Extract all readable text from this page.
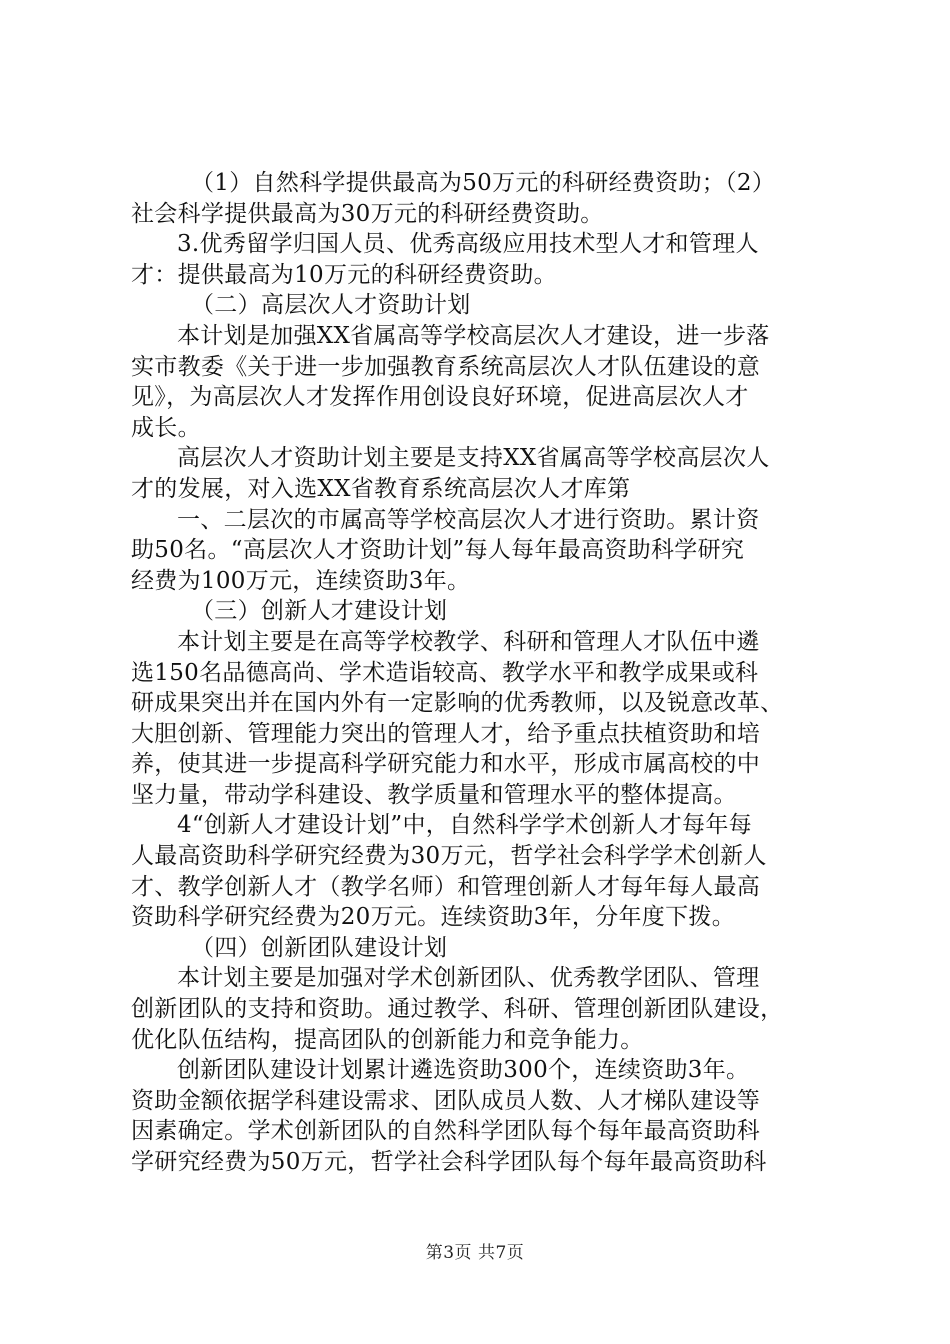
（1）自然科学提供最高为50万元的科研经费资助；（2）
社会科学提供最高为30万元的科研经费资助。
3.优秀留学归国人员、优秀高级应用技术型人才和管理人
才：提供最高为10万元的科研经费资助。
（二）高层次人才资助计划
本计划是加强XX省属高等学校高层次人才建设，进一步落
实市教委《关于进一步加强教育系统高层次人才队伍建设的意
见》，为高层次人才发挥作用创设良好环境，促进高层次人才
成长。
高层次人才资助计划主要是支持XX省属高等学校高层次人
才的发展，对入选XX省教育系统高层次人才库第
一、二层次的市属高等学校高层次人才进行资助。累计资
助50名。“高层次人才资助计划”每人每年最高资助科学研究
经费为100万元，连续资助3年。
（三）创新人才建设计划
本计划主要是在高等学校教学、科研和管理人才队伍中遴
选150名品德高尚、学术造诣较高、教学水平和教学成果或科
研成果突出并在国内外有一定影响的优秀教师，以及锐意改革、
大胆创新、管理能力突出的管理人才，给予重点扶植资助和培
养，使其进一步提高科学研究能力和水平，形成市属高校的中
坚力量，带动学科建设、教学质量和管理水平的整体提高。
4“创新人才建设计划”中，自然科学学术创新人才每年每
人最高资助科学研究经费为30万元，哲学社会科学学术创新人
才、教学创新人才（教学名师）和管理创新人才每年每人最高
资助科学研究经费为20万元。连续资助3年，分年度下拨。
（四）创新团队建设计划
本计划主要是加强对学术创新团队、优秀教学团队、管理
创新团队的支持和资助。通过教学、科研、管理创新团队建设，
优化队伍结构，提高团队的创新能力和竞争能力。
创新团队建设计划累计遴选资助300个，连续资助3年。
资助金额依据学科建设需求、团队成员人数、人才梯队建设等
因素确定。学术创新团队的自然科学团队每个每年最高资助科
学研究经费为50万元，哲学社会科学团队每个每年最高资助科
第3页 共7页
